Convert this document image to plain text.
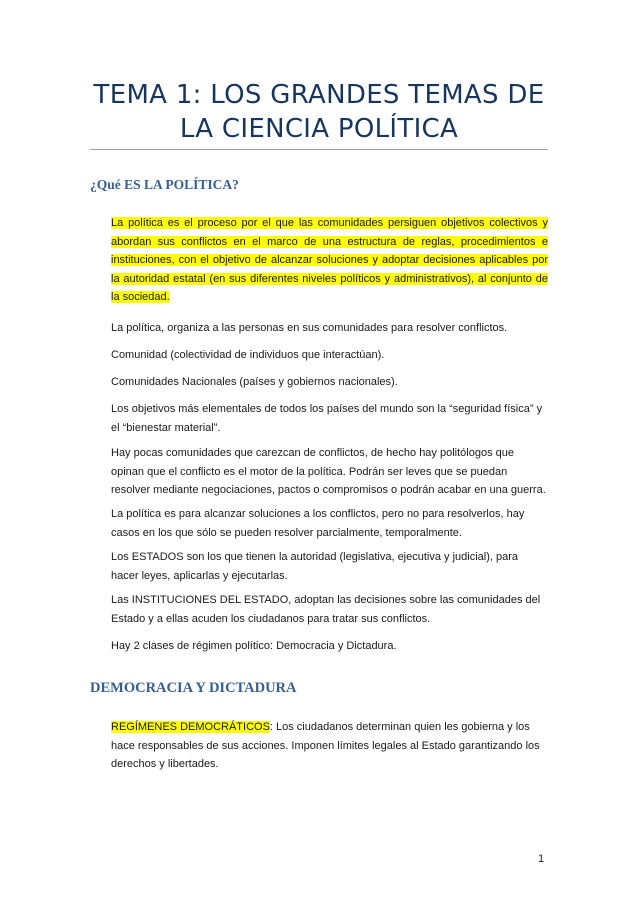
TEMA 1: LOS GRANDES TEMAS DE
LA CIENCIA POLÍTICA
¿Qué ES LA POLÍTICA?

La política es el proceso por el que las comunidades persiguen objetivos colectivos y abordan sus conflictos en el marco de una estructura de reglas, procedimientos e instituciones, con el objetivo de alcanzar soluciones y adoptar decisiones aplicables por la autoridad estatal (en sus diferentes niveles políticos y administrativos), al conjunto de la sociedad.

La política, organiza a las personas en sus comunidades para resolver conflictos.

Comunidad (colectividad de individuos que interactúan).

Comunidades Nacionales (países y gobiernos nacionales).

Los objetivos más elementales de todos los países del mundo son la “seguridad física” y el “bienestar material”.

Hay pocas comunidades que carezcan de conflictos, de hecho hay politólogos que opinan que el conflicto es el motor de la política. Podrán ser leves que se puedan resolver mediante negociaciones, pactos o compromisos o podrán acabar en una guerra.

La política es para alcanzar soluciones a los conflictos, pero no para resolverlos, hay casos en los que sólo se pueden resolver parcialmente, temporalmente.

Los ESTADOS son los que tienen la autoridad (legislativa, ejecutiva y judicial), para hacer leyes, aplicarlas y ejecutarlas.

Las INSTITUCIONES DEL ESTADO, adoptan las decisiones sobre las comunidades del Estado y a ellas acuden los ciudadanos para tratar sus conflictos.

Hay 2 clases de régimen político: Democracia y Dictadura.

DEMOCRACIA Y DICTADURA

REGÍMENES DEMOCRÁTICOS: Los ciudadanos determinan quien les gobierna y los hace responsables de sus acciones. Imponen límites legales al Estado garantizando los derechos y libertades.

1
